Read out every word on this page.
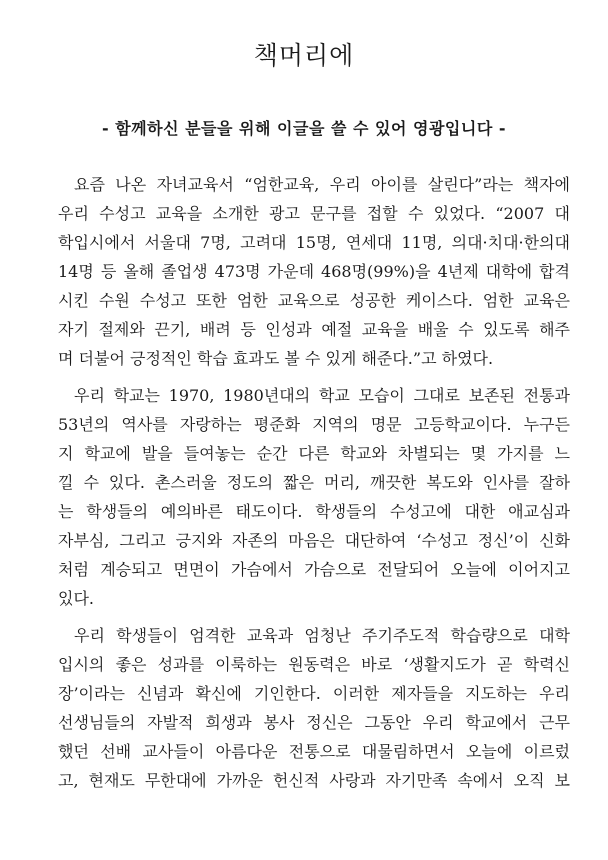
책머리에
- 함께하신 분들을 위해 이글을 쓸 수 있어 영광입니다 -

요즘 나온 자녀교육서 “엄한교육, 우리 아이를 살린다”라는 책자에
우리 수성고 교육을 소개한 광고 문구를 접할 수 있었다. “2007 대
학입시에서 서울대 7명, 고려대 15명, 연세대 11명, 의대·치대·한의대
14명 등 올해 졸업생 473명 가운데 468명(99%)을 4년제 대학에 합격
시킨 수원 수성고 또한 엄한 교육으로 성공한 케이스다. 엄한 교육은
자기 절제와 끈기, 배려 등 인성과 예절 교육을 배울 수 있도록 해주
며 더불어 긍정적인 학습 효과도 볼 수 있게 해준다.”고 하였다.

우리 학교는 1970, 1980년대의 학교 모습이 그대로 보존된 전통과
53년의 역사를 자랑하는 평준화 지역의 명문 고등학교이다. 누구든
지 학교에 발을 들여놓는 순간 다른 학교와 차별되는 몇 가지를 느
낄 수 있다. 촌스러울 정도의 짧은 머리, 깨끗한 복도와 인사를 잘하
는 학생들의 예의바른 태도이다. 학생들의 수성고에 대한 애교심과
자부심, 그리고 긍지와 자존의 마음은 대단하여 ‘수성고 정신’이 신화
처럼 계승되고 면면이 가슴에서 가슴으로 전달되어 오늘에 이어지고
있다.

우리 학생들이 엄격한 교육과 엄청난 주기주도적 학습량으로 대학
입시의 좋은 성과를 이룩하는 원동력은 바로 ‘생활지도가 곧 학력신
장’이라는 신념과 확신에 기인한다. 이러한 제자들을 지도하는 우리
선생님들의 자발적 희생과 봉사 정신은 그동안 우리 학교에서 근무
했던 선배 교사들이 아름다운 전통으로 대물림하면서 오늘에 이르렀
고, 현재도 무한대에 가까운 헌신적 사랑과 자기만족 속에서 오직 보
